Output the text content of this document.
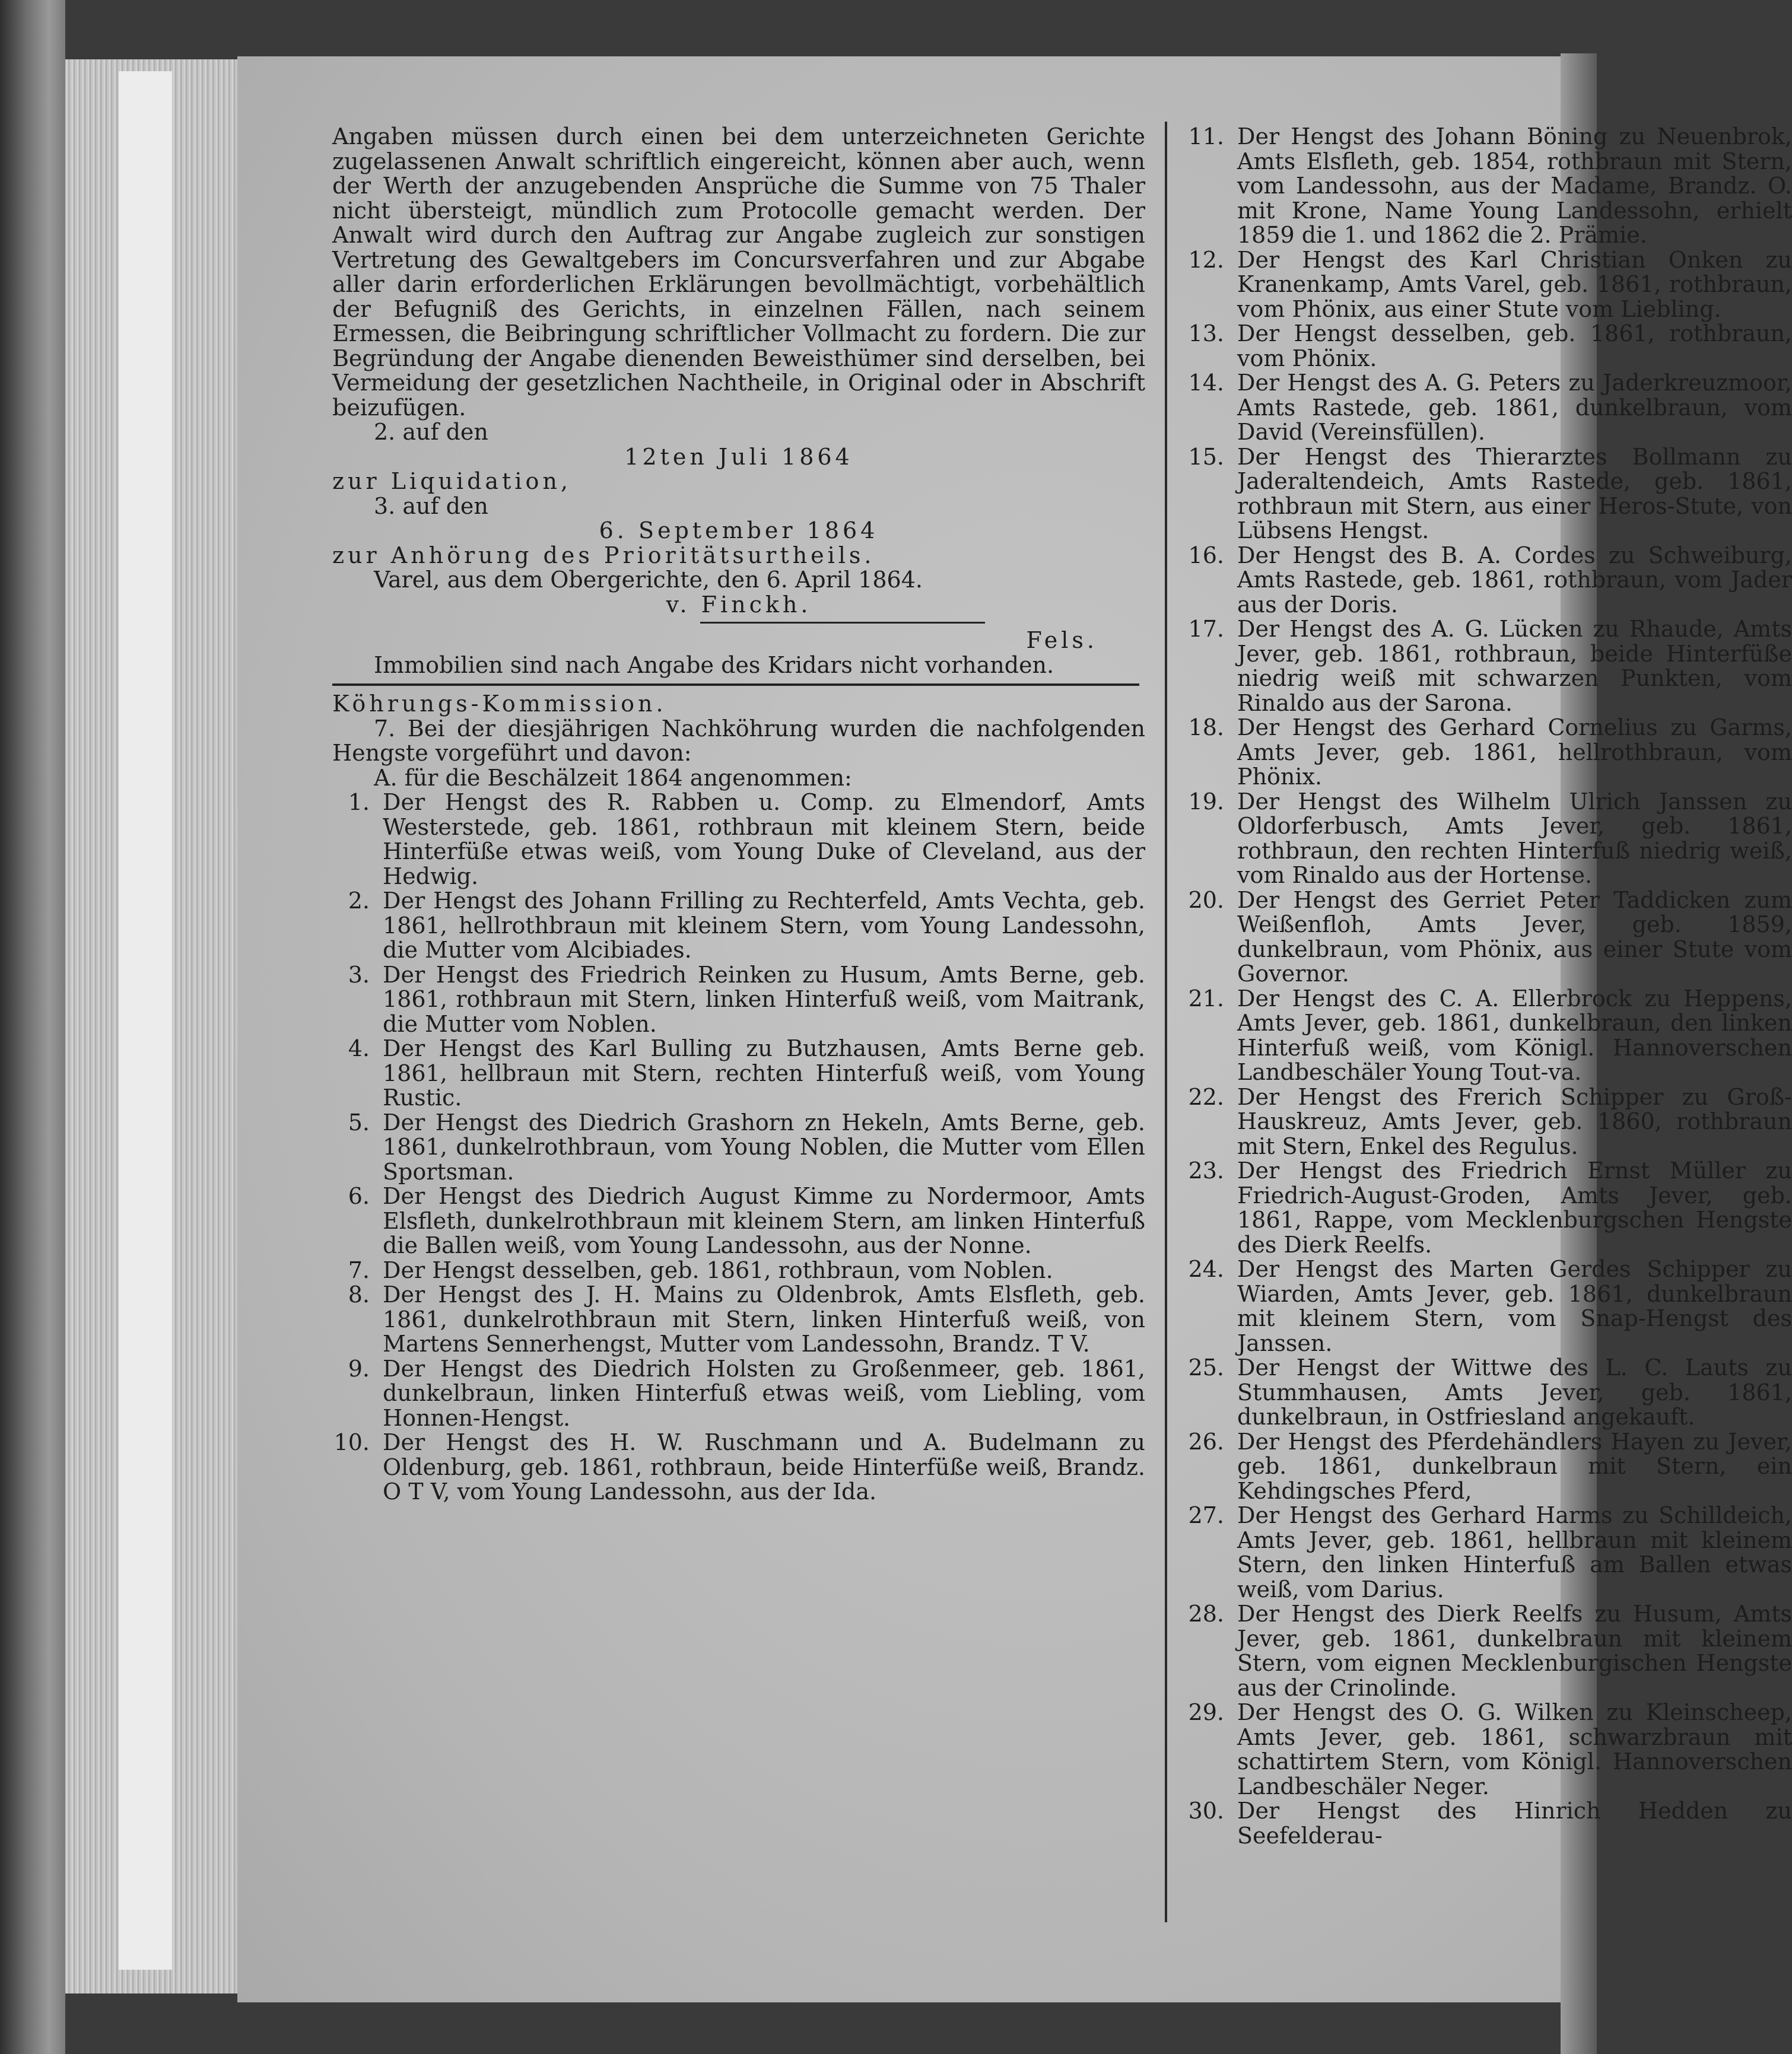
Angaben müssen durch einen bei dem unterzeichneten Gerichte zugelassenen Anwalt schriftlich eingereicht, können aber auch, wenn der Werth der anzugebenden Ansprüche die Summe von 75 Thaler nicht übersteigt, mündlich zum Protocolle gemacht werden. Der Anwalt wird durch den Auftrag zur Angabe zugleich zur sonstigen Vertretung des Gewaltgebers im Concursverfahren und zur Abgabe aller darin erforderlichen Erklärungen bevollmächtigt, vorbehältlich der Befugniß des Gerichts, in einzelnen Fällen, nach seinem Ermessen, die Beibringung schriftlicher Vollmacht zu fordern. Die zur Begründung der Angabe dienenden Beweisthümer sind derselben, bei Vermeidung der gesetzlichen Nachtheile, in Original oder in Abschrift beizufügen.

2. auf den

12ten Juli 1864

zur Liquidation,

3. auf den

6. September 1864

zur Anhörung des Prioritätsurtheils.

Varel, aus dem Obergerichte, den 6. April 1864.

v. Finckh.

Fels.

Immobilien sind nach Angabe des Kridars nicht vorhanden.

Köhrungs-Kommission.

7. Bei der diesjährigen Nachköhrung wurden die nachfolgenden Hengste vorgeführt und davon:

A. für die Beschälzeit 1864 angenommen:

1. Der Hengst des R. Rabben u. Comp. zu Elmendorf, Amts Westerstede, geb. 1861, rothbraun mit kleinem Stern, beide Hinterfüße etwas weiß, vom Young Duke of Cleveland, aus der Hedwig.
2. Der Hengst des Johann Frilling zu Rechterfeld, Amts Vechta, geb. 1861, hellrothbraun mit kleinem Stern, vom Young Landessohn, die Mutter vom Alcibiades.
3. Der Hengst des Friedrich Reinken zu Husum, Amts Berne, geb. 1861, rothbraun mit Stern, linken Hinterfuß weiß, vom Maitrank, die Mutter vom Noblen.
4. Der Hengst des Karl Bulling zu Butzhausen, Amts Berne geb. 1861, hellbraun mit Stern, rechten Hinterfuß weiß, vom Young Rustic.
5. Der Hengst des Diedrich Grashorn zn Hekeln, Amts Berne, geb. 1861, dunkelrothbraun, vom Young Noblen, die Mutter vom Ellen Sportsman.
6. Der Hengst des Diedrich August Kimme zu Nordermoor, Amts Elsfleth, dunkelrothbraun mit kleinem Stern, am linken Hinterfuß die Ballen weiß, vom Young Landessohn, aus der Nonne.
7. Der Hengst desselben, geb. 1861, rothbraun, vom Noblen.
8. Der Hengst des J. H. Mains zu Oldenbrok, Amts Elsfleth, geb. 1861, dunkelrothbraun mit Stern, linken Hinterfuß weiß, von Martens Sennerhengst, Mutter vom Landessohn, Brandz. T V.
9. Der Hengst des Diedrich Holsten zu Großenmeer, geb. 1861, dunkelbraun, linken Hinterfuß etwas weiß, vom Liebling, vom Honnen-Hengst.
10. Der Hengst des H. W. Ruschmann und A. Budelmann zu Oldenburg, geb. 1861, rothbraun, beide Hinterfüße weiß, Brandz. O T V, vom Young Landessohn, aus der Ida.
11. Der Hengst des Johann Böning zu Neuenbrok, Amts Elsfleth, geb. 1854, rothbraun mit Stern, vom Landessohn, aus der Madame, Brandz. O. mit Krone, Name Young Landessohn, erhielt 1859 die 1. und 1862 die 2. Prämie.
12. Der Hengst des Karl Christian Onken zu Kranenkamp, Amts Varel, geb. 1861, rothbraun, vom Phönix, aus einer Stute vom Liebling.
13. Der Hengst desselben, geb. 1861, rothbraun, vom Phönix.
14. Der Hengst des A. G. Peters zu Jaderkreuzmoor, Amts Rastede, geb. 1861, dunkelbraun, vom David (Vereinsfüllen).
15. Der Hengst des Thierarztes Bollmann zu Jaderaltendeich, Amts Rastede, geb. 1861, rothbraun mit Stern, aus einer Heros-Stute, von Lübsens Hengst.
16. Der Hengst des B. A. Cordes zu Schweiburg, Amts Rastede, geb. 1861, rothbraun, vom Jader aus der Doris.
17. Der Hengst des A. G. Lücken zu Rhaude, Amts Jever, geb. 1861, rothbraun, beide Hinterfüße niedrig weiß mit schwarzen Punkten, vom Rinaldo aus der Sarona.
18. Der Hengst des Gerhard Cornelius zu Garms, Amts Jever, geb. 1861, hellrothbraun, vom Phönix.
19. Der Hengst des Wilhelm Ulrich Janssen zu Oldorferbusch, Amts Jever, geb. 1861, rothbraun, den rechten Hinterfuß niedrig weiß, vom Rinaldo aus der Hortense.
20. Der Hengst des Gerriet Peter Taddicken zum Weißenfloh, Amts Jever, geb. 1859, dunkelbraun, vom Phönix, aus einer Stute vom Governor.
21. Der Hengst des C. A. Ellerbrock zu Heppens, Amts Jever, geb. 1861, dunkelbraun, den linken Hinterfuß weiß, vom Königl. Hannoverschen Landbeschäler Young Tout-va.
22. Der Hengst des Frerich Schipper zu Groß-Hauskreuz, Amts Jever, geb. 1860, rothbraun mit Stern, Enkel des Regulus.
23. Der Hengst des Friedrich Ernst Müller zu Friedrich-August-Groden, Amts Jever, geb. 1861, Rappe, vom Mecklenburgschen Hengste des Dierk Reelfs.
24. Der Hengst des Marten Gerdes Schipper zu Wiarden, Amts Jever, geb. 1861, dunkelbraun mit kleinem Stern, vom Snap-Hengst des Janssen.
25. Der Hengst der Wittwe des L. C. Lauts zu Stummhausen, Amts Jever, geb. 1861, dunkelbraun, in Ostfriesland angekauft.
26. Der Hengst des Pferdehändlers Hayen zu Jever, geb. 1861, dunkelbraun mit Stern, ein Kehdingsches Pferd,
27. Der Hengst des Gerhard Harms zu Schilldeich, Amts Jever, geb. 1861, hellbraun mit kleinem Stern, den linken Hinterfuß am Ballen etwas weiß, vom Darius.
28. Der Hengst des Dierk Reelfs zu Husum, Amts Jever, geb. 1861, dunkelbraun mit kleinem Stern, vom eignen Mecklenburgischen Hengste aus der Crinolinde.
29. Der Hengst des O. G. Wilken zu Kleinscheep, Amts Jever, geb. 1861, schwarzbraun mit schattirtem Stern, vom Königl. Hannoverschen Landbeschäler Neger.
30. Der Hengst des Hinrich Hedden zu Seefelderau-
